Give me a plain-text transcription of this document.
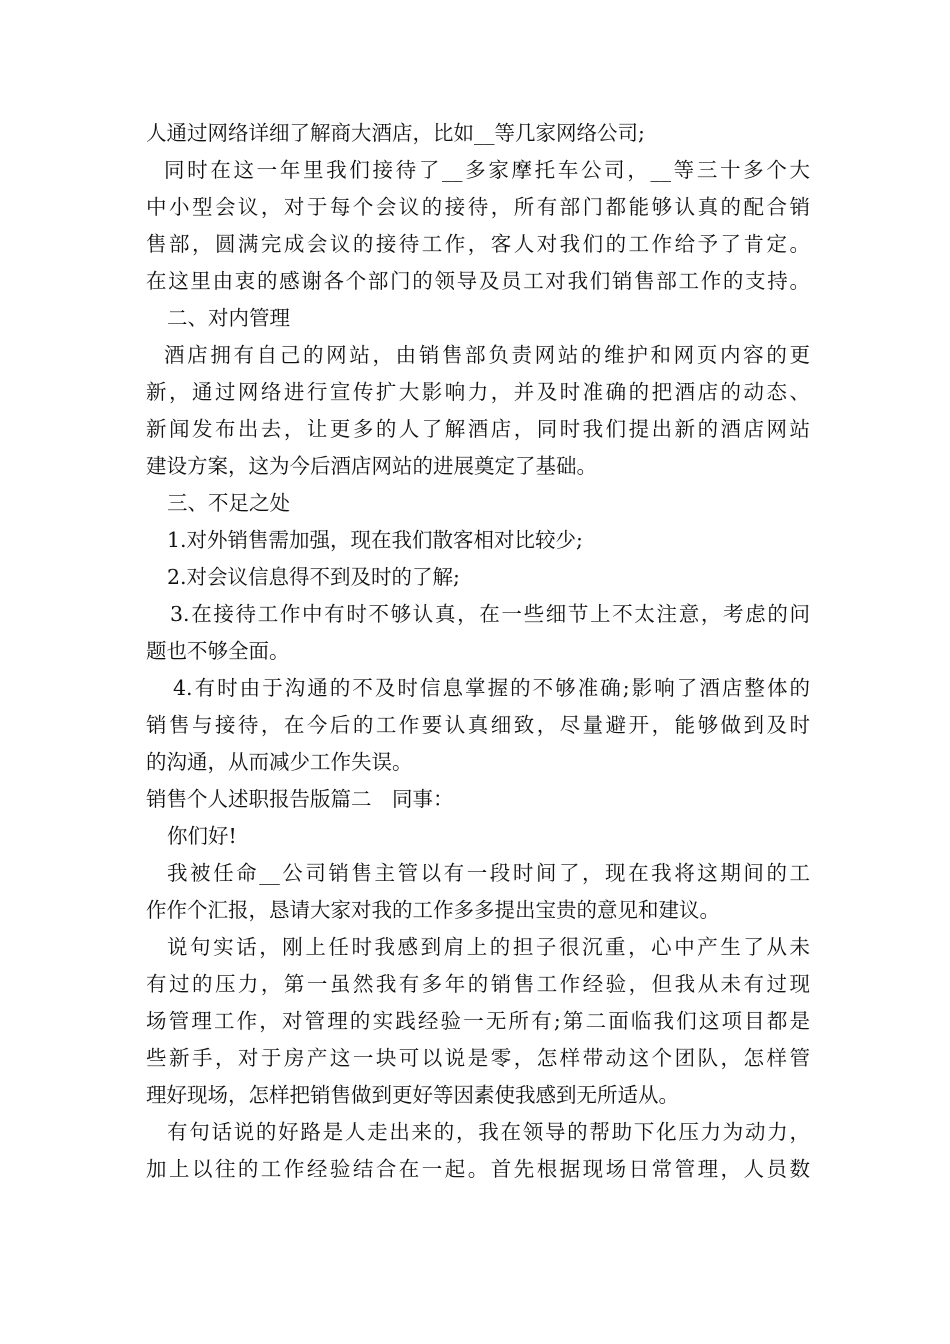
人通过网络详细了解商大酒店，比如__等几家网络公司;
同时在这一年里我们接待了__多家摩托车公司，__等三十多个大
中小型会议，对于每个会议的接待，所有部门都能够认真的配合销
售部，圆满完成会议的接待工作，客人对我们的工作给予了肯定。
在这里由衷的感谢各个部门的领导及员工对我们销售部工作的支持。
二、对内管理
酒店拥有自己的网站，由销售部负责网站的维护和网页内容的更
新，通过网络进行宣传扩大影响力，并及时准确的把酒店的动态、
新闻发布出去，让更多的人了解酒店，同时我们提出新的酒店网站
建设方案，这为今后酒店网站的进展奠定了基础。
三、不足之处
1.对外销售需加强，现在我们散客相对比较少;
2.对会议信息得不到及时的了解;
3.在接待工作中有时不够认真，在一些细节上不太注意，考虑的问
题也不够全面。
4.有时由于沟通的不及时信息掌握的不够准确;影响了酒店整体的
销售与接待，在今后的工作要认真细致，尽量避开，能够做到及时
的沟通，从而减少工作失误。
销售个人述职报告版篇二　同事：
你们好!
我被任命__公司销售主管以有一段时间了，现在我将这期间的工
作作个汇报，恳请大家对我的工作多多提出宝贵的意见和建议。
说句实话，刚上任时我感到肩上的担子很沉重，心中产生了从未
有过的压力，第一虽然我有多年的销售工作经验，但我从未有过现
场管理工作，对管理的实践经验一无所有;第二面临我们这项目都是
些新手，对于房产这一块可以说是零，怎样带动这个团队，怎样管
理好现场，怎样把销售做到更好等因素使我感到无所适从。
有句话说的好路是人走出来的，我在领导的帮助下化压力为动力，
加上以往的工作经验结合在一起。首先根据现场日常管理，人员数
